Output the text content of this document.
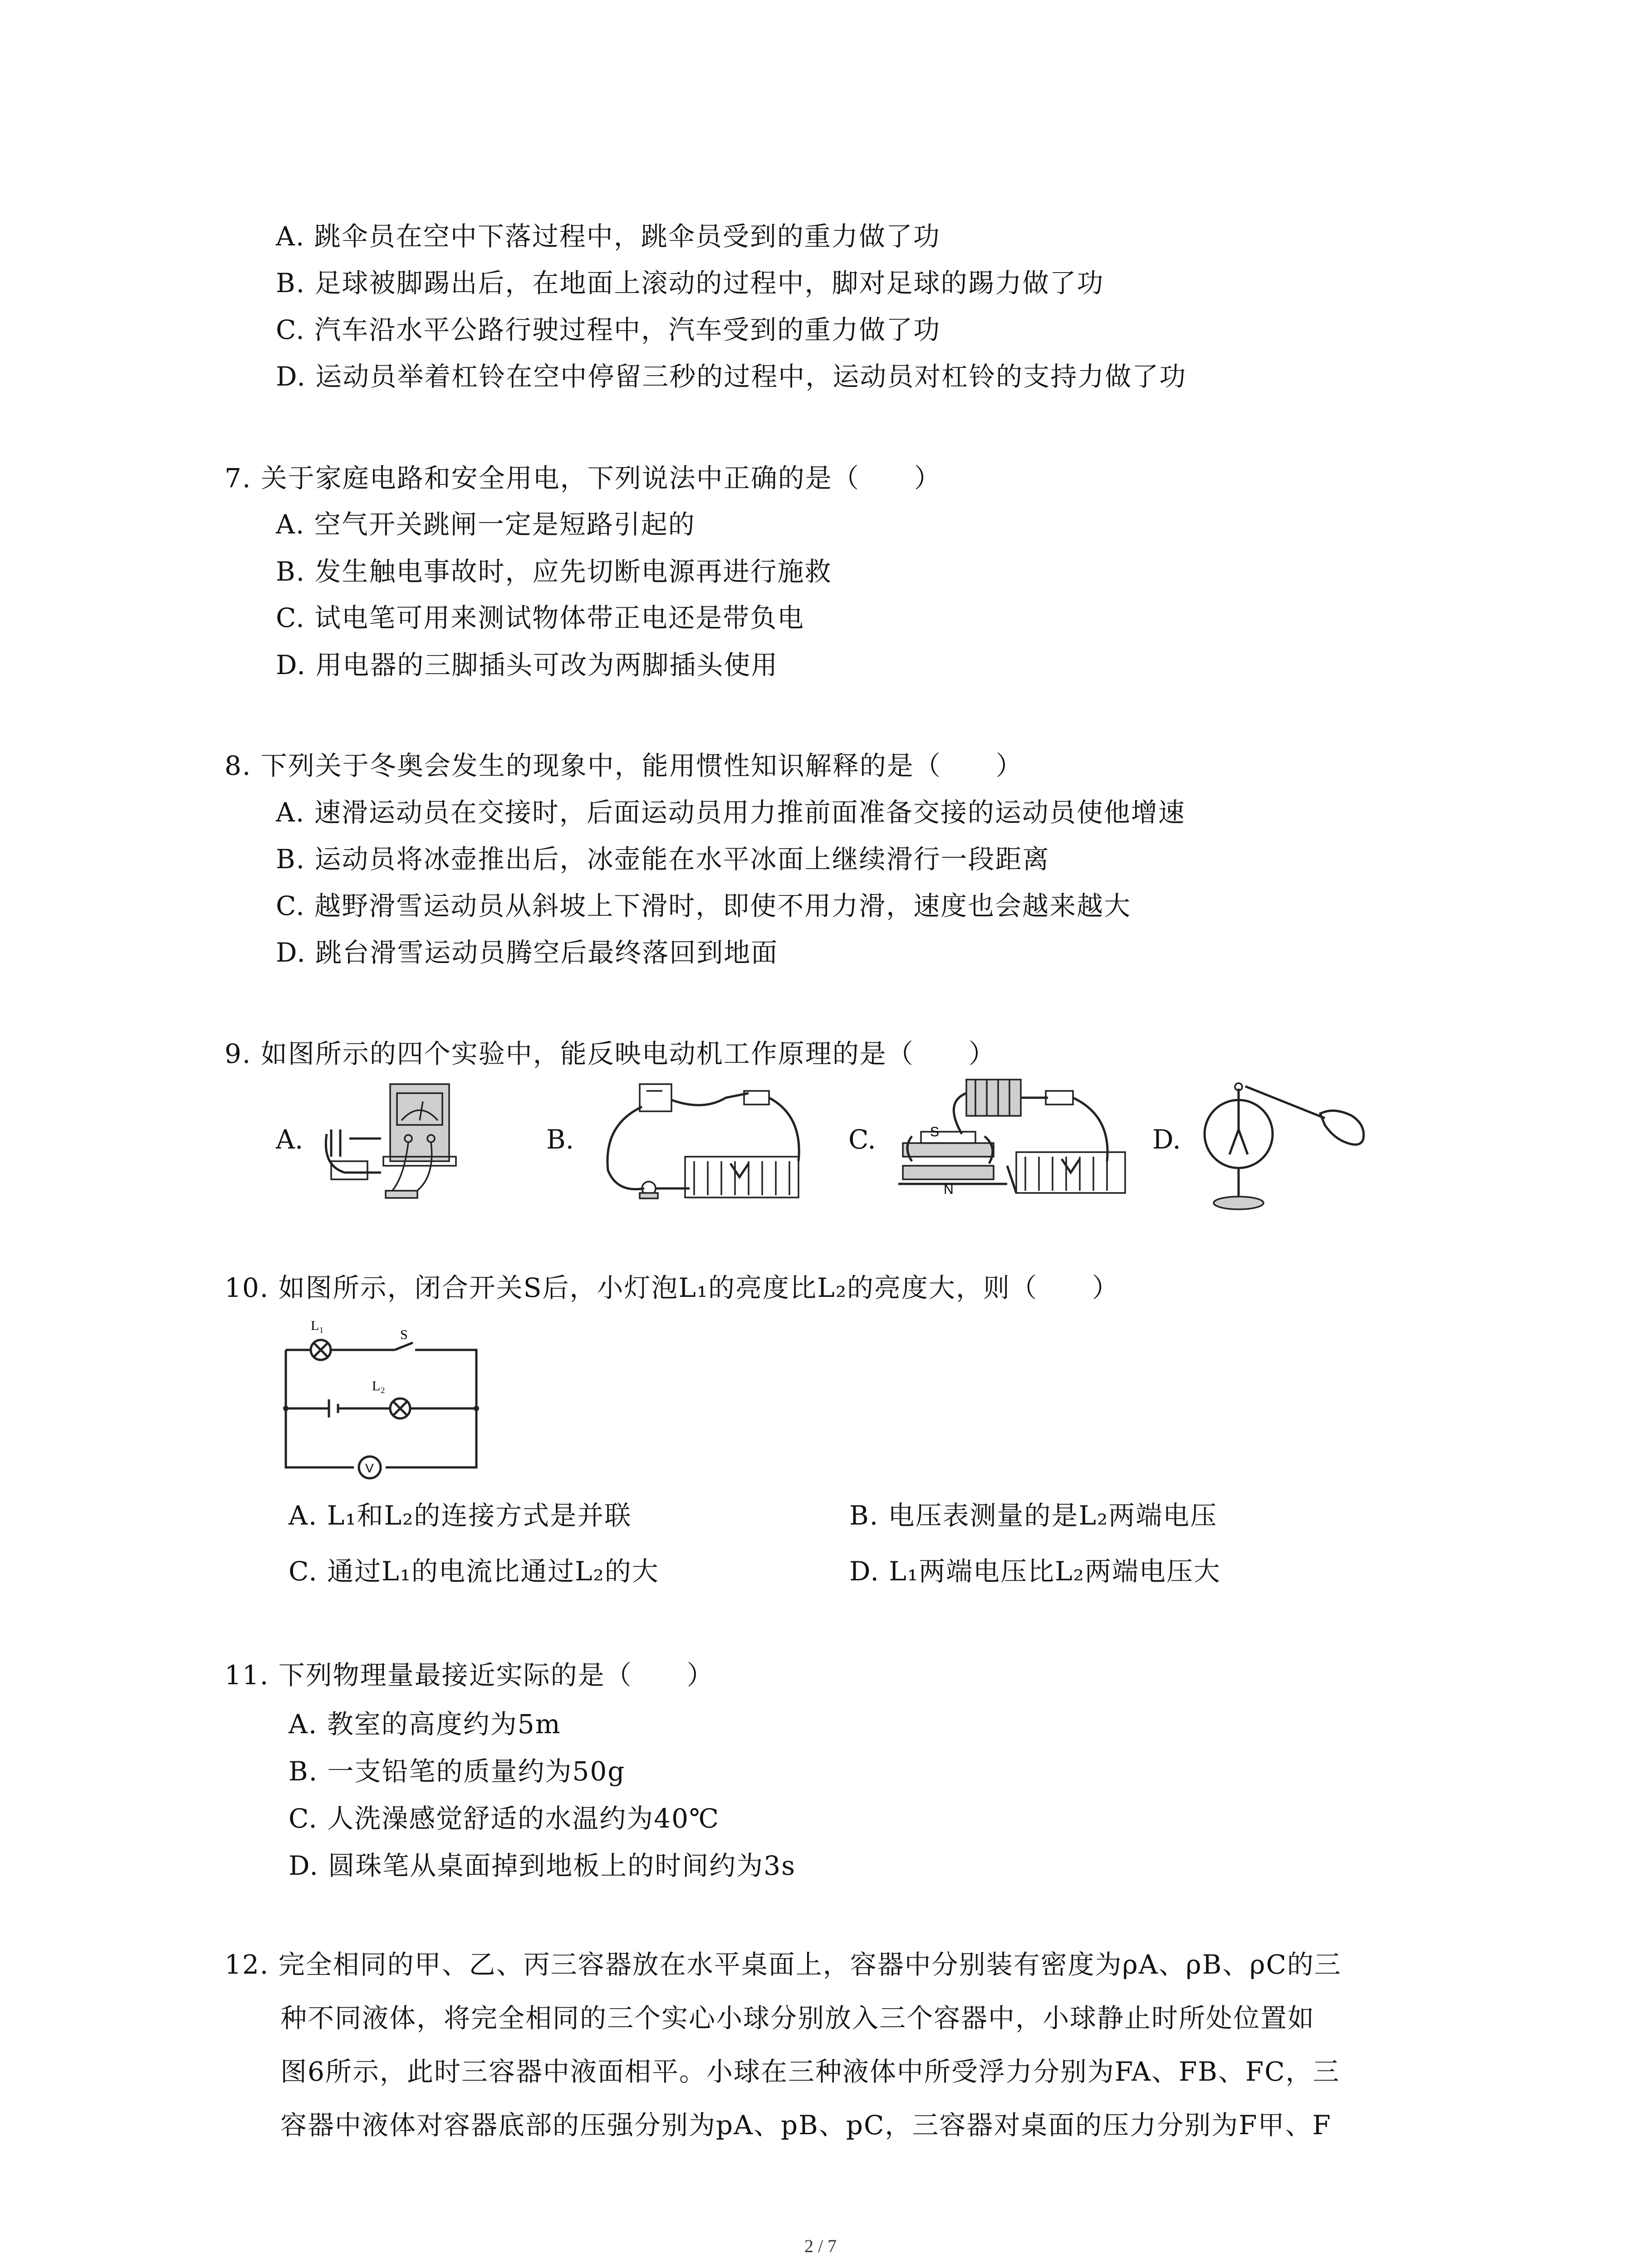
A. 跳伞员在空中下落过程中，跳伞员受到的重力做了功
B. 足球被脚踢出后，在地面上滚动的过程中，脚对足球的踢力做了功
C. 汽车沿水平公路行驶过程中，汽车受到的重力做了功
D. 运动员举着杠铃在空中停留三秒的过程中，运动员对杠铃的支持力做了功
7. 关于家庭电路和安全用电，下列说法中正确的是（　　）
A. 空气开关跳闸一定是短路引起的
B. 发生触电事故时，应先切断电源再进行施救
C. 试电笔可用来测试物体带正电还是带负电
D. 用电器的三脚插头可改为两脚插头使用
8. 下列关于冬奥会发生的现象中，能用惯性知识解释的是（　　）
A. 速滑运动员在交接时，后面运动员用力推前面准备交接的运动员使他增速
B. 运动员将冰壶推出后，冰壶能在水平冰面上继续滑行一段距离
C. 越野滑雪运动员从斜坡上下滑时，即使不用力滑，速度也会越来越大
D. 跳台滑雪运动员腾空后最终落回到地面
9. 如图所示的四个实验中，能反映电动机工作原理的是（　　）
A.	B.	C.	D.
S
N
10. 如图所示，闭合开关S后，小灯泡L₁的亮度比L₂的亮度大，则（　　）
L₁
S
L₂
V
A. L₁和L₂的连接方式是并联	B. 电压表测量的是L₂两端电压
C. 通过L₁的电流比通过L₂的大	D. L₁两端电压比L₂两端电压大
11. 下列物理量最接近实际的是（　　）
A. 教室的高度约为5m
B. 一支铅笔的质量约为50g
C. 人洗澡感觉舒适的水温约为40℃
D. 圆珠笔从桌面掉到地板上的时间约为3s
12. 完全相同的甲、乙、丙三容器放在水平桌面上，容器中分别装有密度为ρA、ρB、ρC的三
种不同液体，将完全相同的三个实心小球分别放入三个容器中，小球静止时所处位置如
图6所示，此时三容器中液面相平。小球在三种液体中所受浮力分别为FA、FB、FC，三
容器中液体对容器底部的压强分别为pA、pB、pC，三容器对桌面的压力分别为F甲、F
2 / 7
